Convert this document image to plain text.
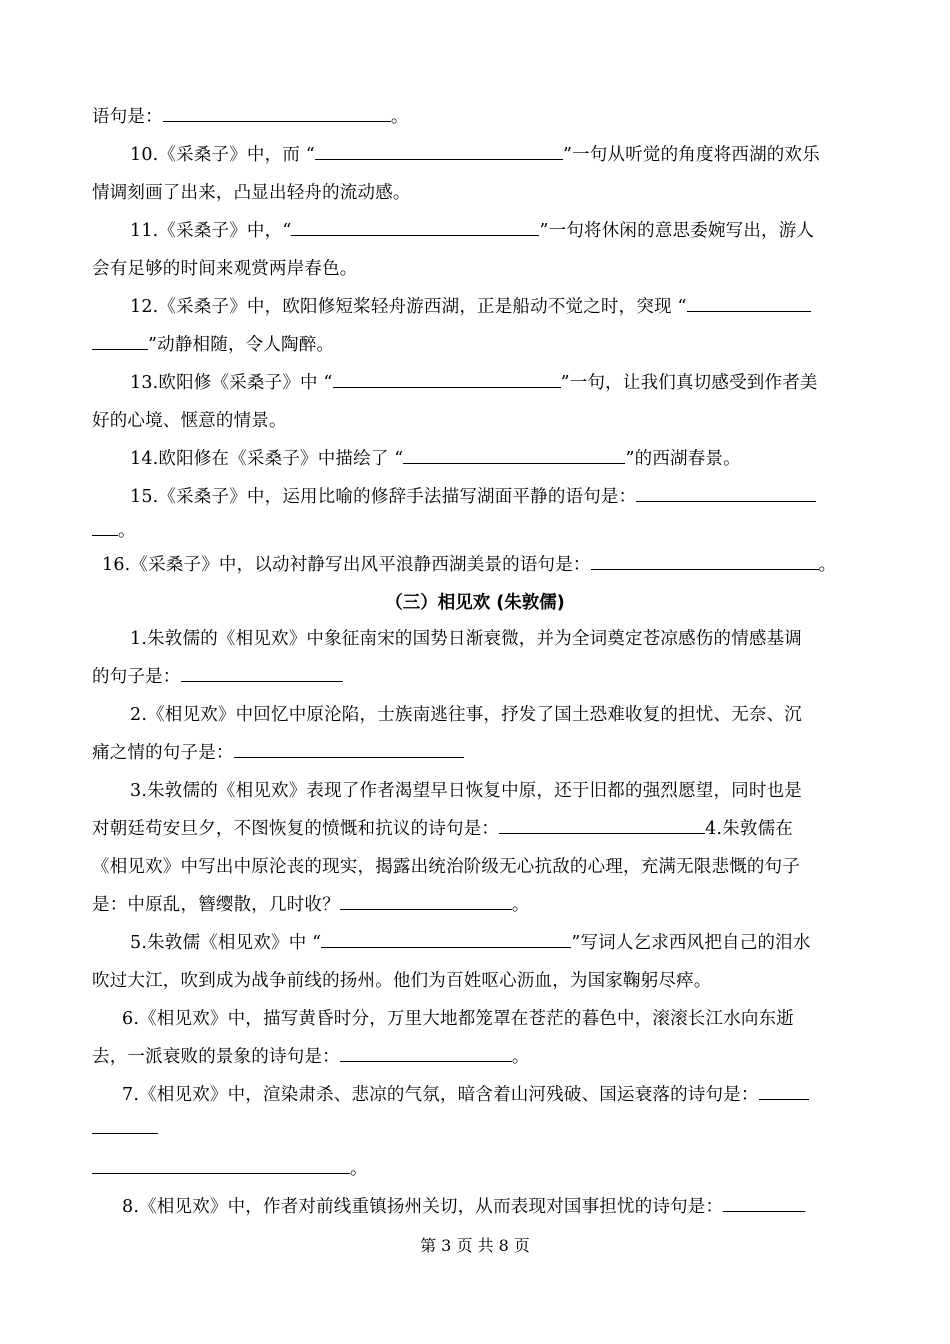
语句是：	。
10.《采桑子》中，而 “	”一句从听觉的角度将西湖的欢乐
情调刻画了出来，凸显出轻舟的流动感。
11.《采桑子》中，“	”一句将休闲的意思委婉写出，游人
会有足够的时间来观赏两岸春色。
12.《采桑子》中，欧阳修短桨轻舟游西湖，正是船动不觉之时，突现 “
”动静相随，令人陶醉。
13.欧阳修《采桑子》中 “	”一句，让我们真切感受到作者美
好的心境、惬意的情景。
14.欧阳修在《采桑子》中描绘了 “	”的西湖春景。
15.《采桑子》中，运用比喻的修辞手法描写湖面平静的语句是：
。
16.《采桑子》中，以动衬静写出风平浪静西湖美景的语句是：	。
（三）相见欢 (朱敦儒)
1.朱敦儒的《相见欢》中象征南宋的国势日渐衰微，并为全词奠定苍凉感伤的情感基调
的句子是：
2.《相见欢》中回忆中原沦陷，士族南逃往事，抒发了国土恐难收复的担忧、无奈、沉
痛之情的句子是：
3.朱敦儒的《相见欢》表现了作者渴望早日恢复中原，还于旧都的强烈愿望，同时也是
对朝廷苟安旦夕，不图恢复的愤慨和抗议的诗句是：	4.朱敦儒在
《相见欢》中写出中原沦丧的现实，揭露出统治阶级无心抗敌的心理，充满无限悲慨的句子
是：中原乱，簪缨散，几时收？	。
5.朱敦儒《相见欢》中 “	”写词人乞求西风把自己的泪水
吹过大江，吹到成为战争前线的扬州。他们为百姓呕心沥血，为国家鞠躬尽瘁。
6.《相见欢》中，描写黄昏时分，万里大地都笼罩在苍茫的暮色中，滚滚长江水向东逝
去，一派衰败的景象的诗句是：	。
7.《相见欢》中，渲染肃杀、悲凉的气氛，暗含着山河残破、国运衰落的诗句是：
。
8.《相见欢》中，作者对前线重镇扬州关切，从而表现对国事担忧的诗句是：
第 3 页 共 8 页
